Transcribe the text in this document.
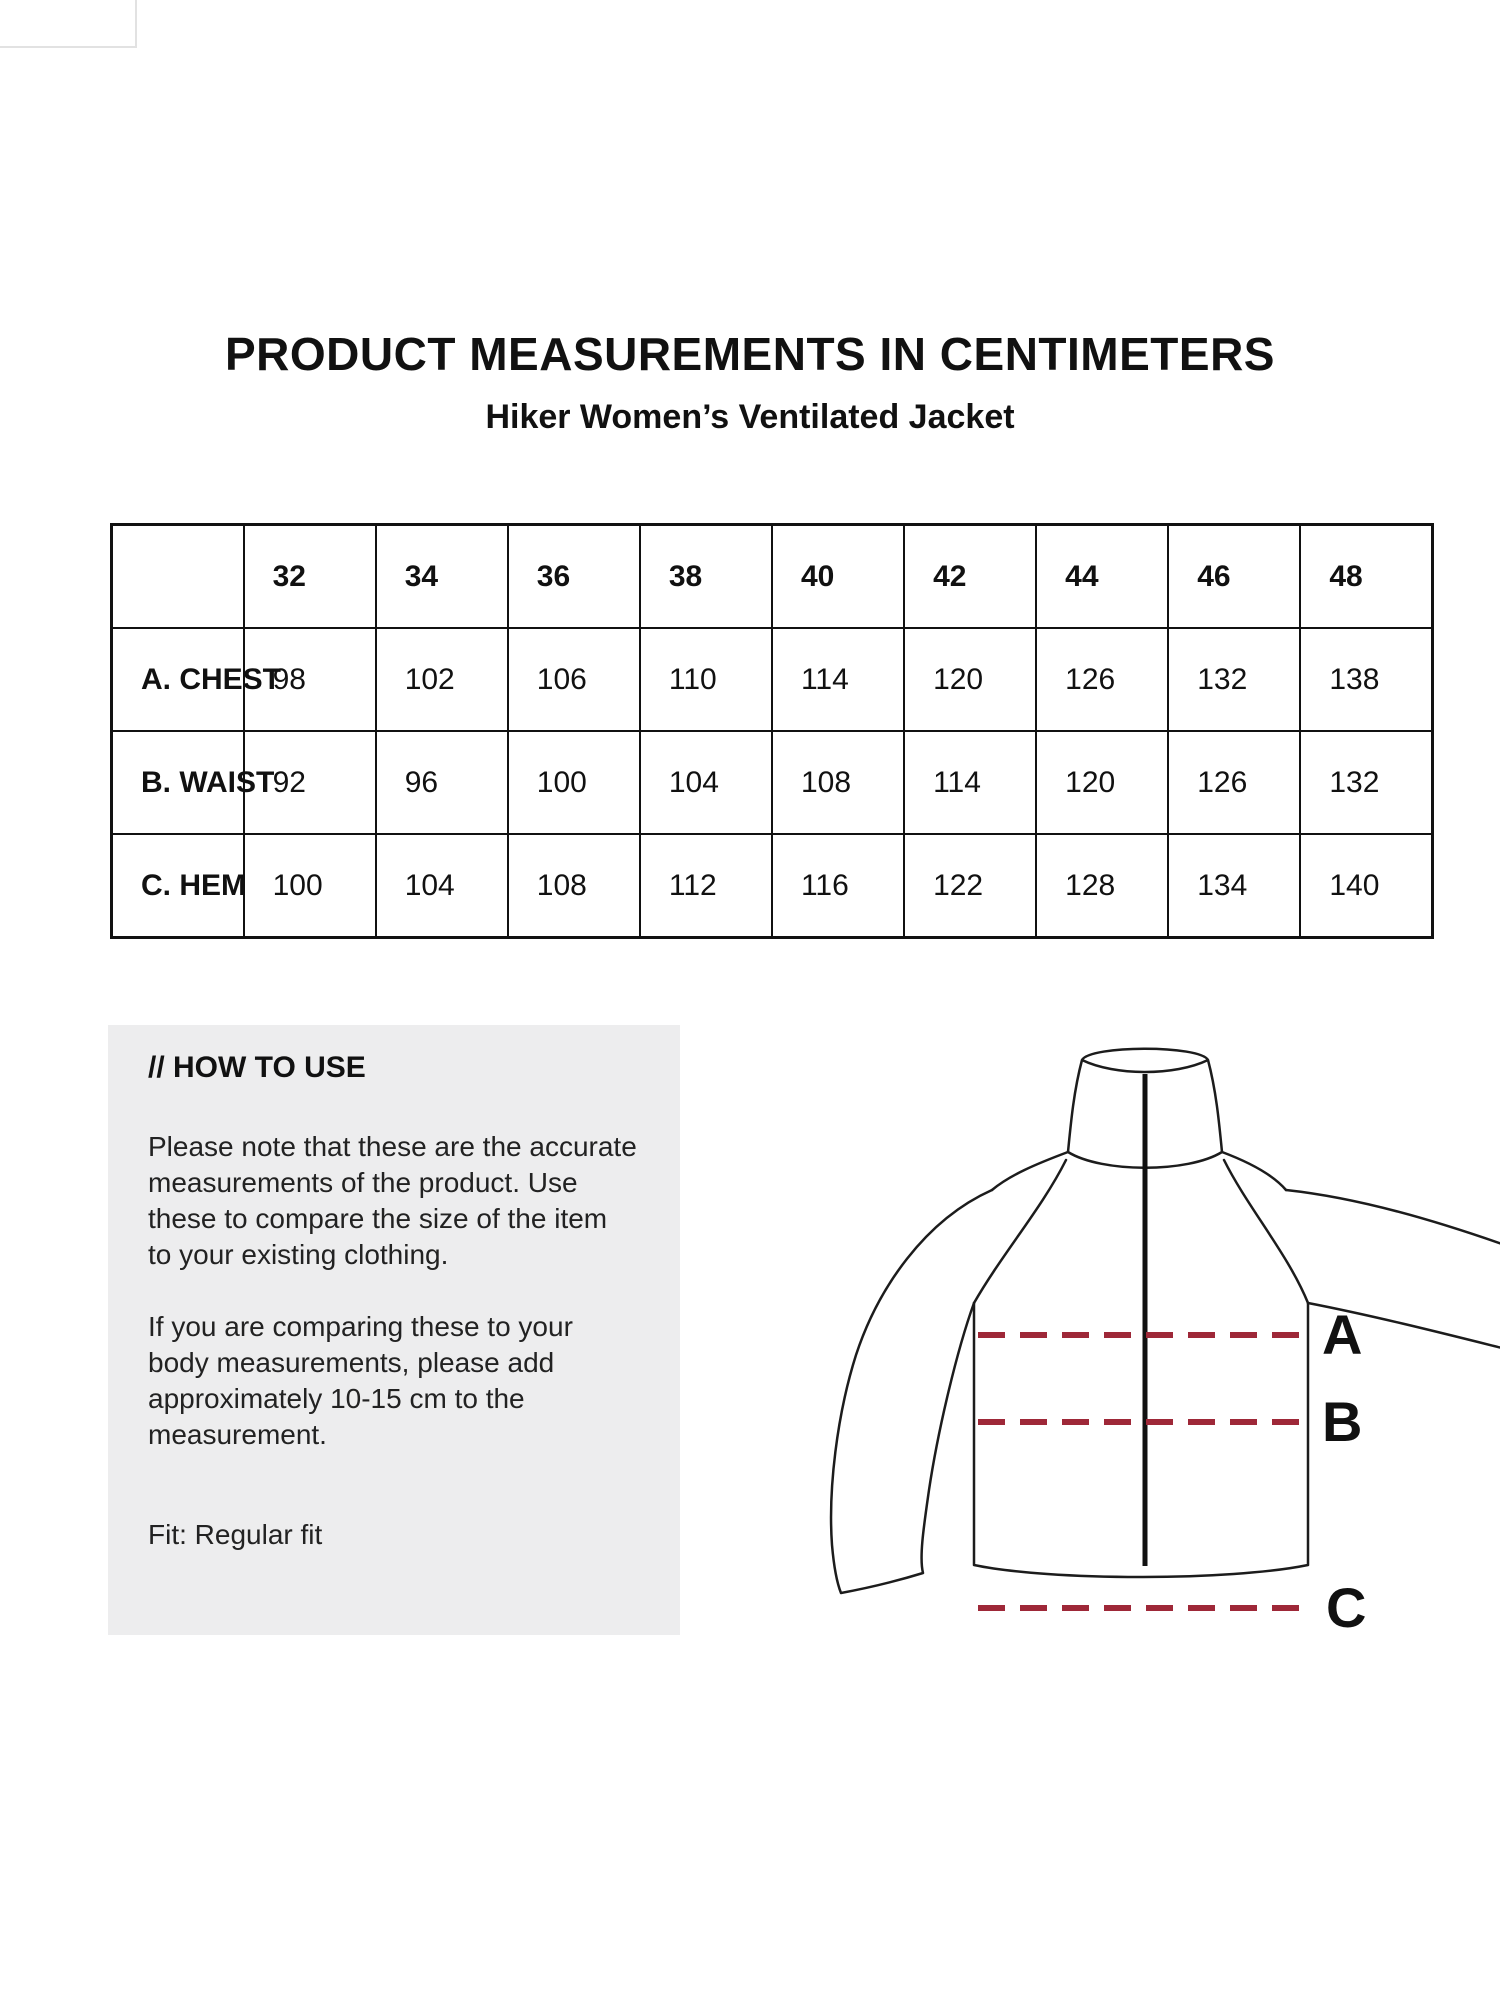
PRODUCT MEASUREMENTS IN CENTIMETERS
Hiker Women’s Ventilated Jacket
	32	34	36	38	40	42	44	46	48
A. CHEST	98	102	106	110	114	120	126	132	138
B. WAIST	92	96	100	104	108	114	120	126	132
C. HEM	100	104	108	112	116	122	128	134	140
// HOW TO USE

Please note that these are the accurate measurements of the product. Use these to compare the size of the item to your existing clothing.

If you are comparing these to your body measurements, please add approximately 10-15 cm to the measurement.

Fit: Regular fit

A
B
C
